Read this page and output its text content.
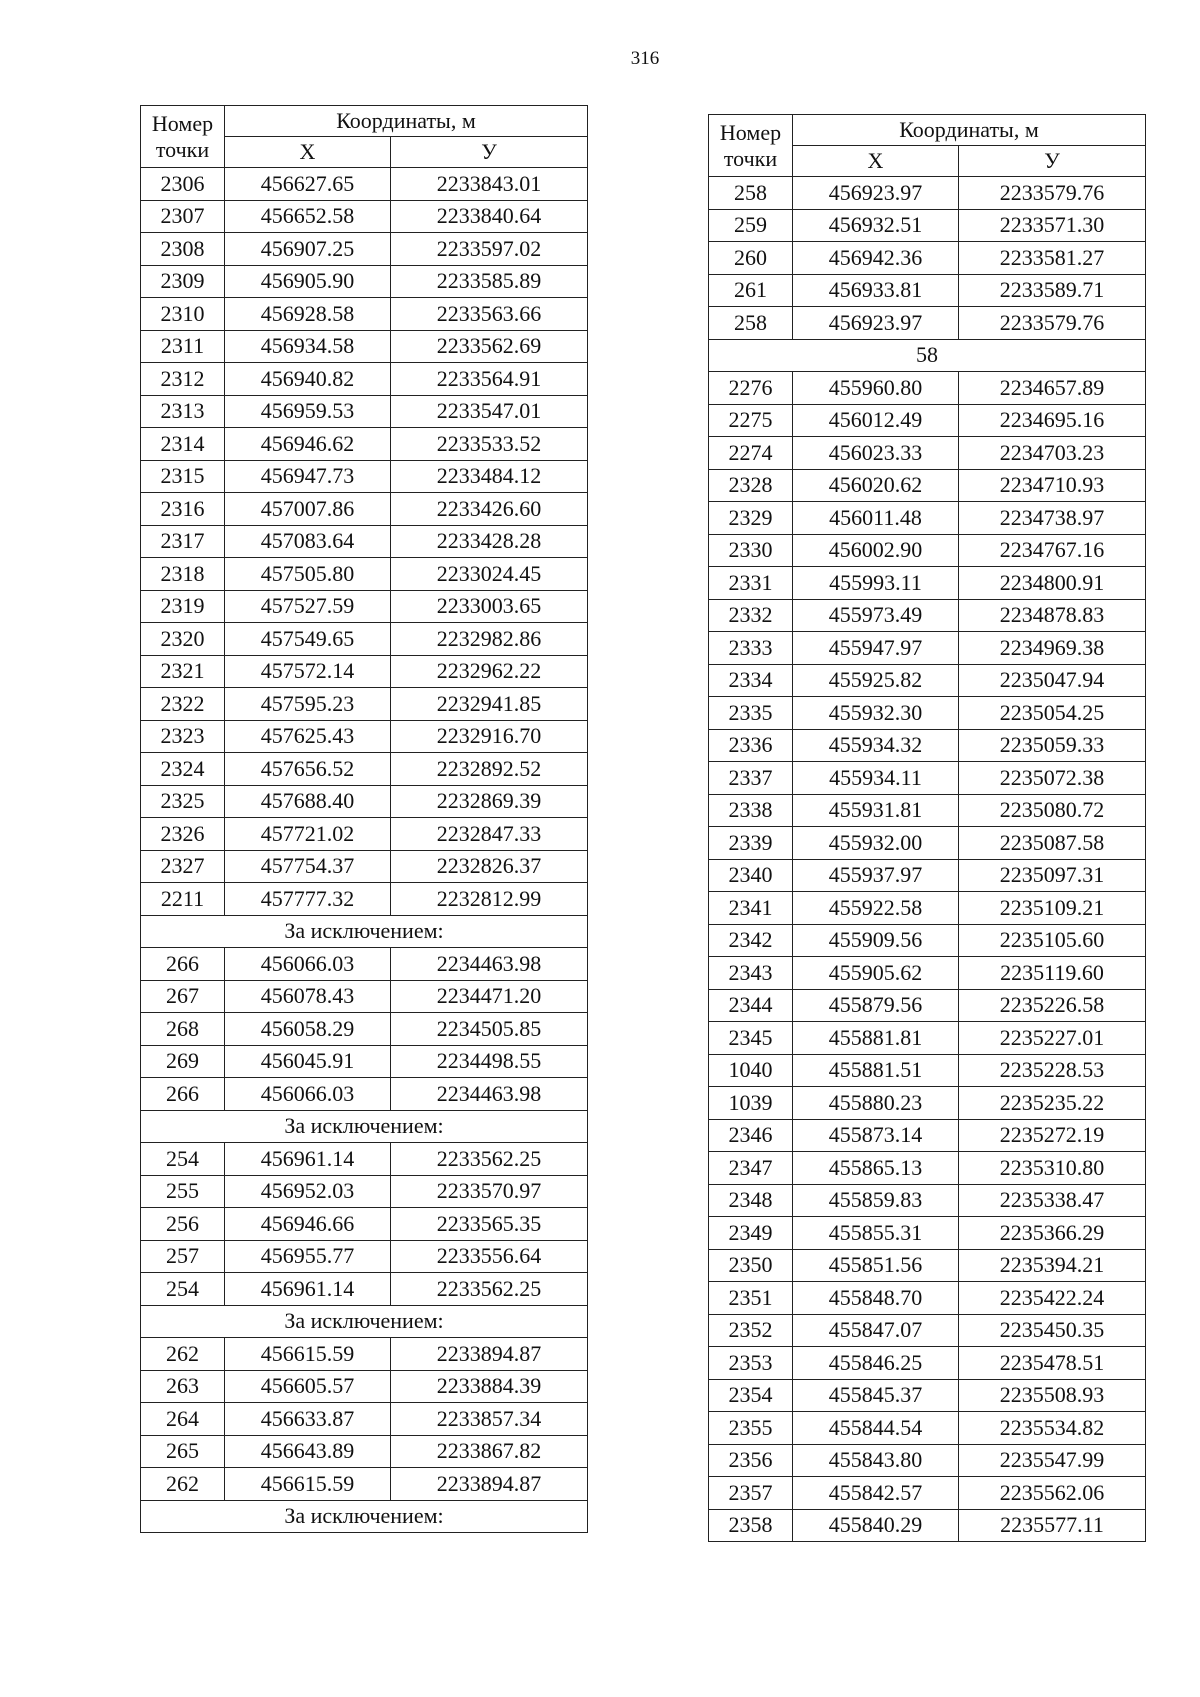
316
Номер точки	Координаты, м	
	X	У
2306	456627.65	2233843.01
2307	456652.58	2233840.64
2308	456907.25	2233597.02
2309	456905.90	2233585.89
2310	456928.58	2233563.66
2311	456934.58	2233562.69
2312	456940.82	2233564.91
2313	456959.53	2233547.01
2314	456946.62	2233533.52
2315	456947.73	2233484.12
2316	457007.86	2233426.60
2317	457083.64	2233428.28
2318	457505.80	2233024.45
2319	457527.59	2233003.65
2320	457549.65	2232982.86
2321	457572.14	2232962.22
2322	457595.23	2232941.85
2323	457625.43	2232916.70
2324	457656.52	2232892.52
2325	457688.40	2232869.39
2326	457721.02	2232847.33
2327	457754.37	2232826.37
2211	457777.32	2232812.99
За исключением:		
266	456066.03	2234463.98
267	456078.43	2234471.20
268	456058.29	2234505.85
269	456045.91	2234498.55
266	456066.03	2234463.98
За исключением:		
254	456961.14	2233562.25
255	456952.03	2233570.97
256	456946.66	2233565.35
257	456955.77	2233556.64
254	456961.14	2233562.25
За исключением:		
262	456615.59	2233894.87
263	456605.57	2233884.39
264	456633.87	2233857.34
265	456643.89	2233867.82
262	456615.59	2233894.87
За исключением:		
Номер точки	Координаты, м	
	X	У
258	456923.97	2233579.76
259	456932.51	2233571.30
260	456942.36	2233581.27
261	456933.81	2233589.71
258	456923.97	2233579.76
58		
2276	455960.80	2234657.89
2275	456012.49	2234695.16
2274	456023.33	2234703.23
2328	456020.62	2234710.93
2329	456011.48	2234738.97
2330	456002.90	2234767.16
2331	455993.11	2234800.91
2332	455973.49	2234878.83
2333	455947.97	2234969.38
2334	455925.82	2235047.94
2335	455932.30	2235054.25
2336	455934.32	2235059.33
2337	455934.11	2235072.38
2338	455931.81	2235080.72
2339	455932.00	2235087.58
2340	455937.97	2235097.31
2341	455922.58	2235109.21
2342	455909.56	2235105.60
2343	455905.62	2235119.60
2344	455879.56	2235226.58
2345	455881.81	2235227.01
1040	455881.51	2235228.53
1039	455880.23	2235235.22
2346	455873.14	2235272.19
2347	455865.13	2235310.80
2348	455859.83	2235338.47
2349	455855.31	2235366.29
2350	455851.56	2235394.21
2351	455848.70	2235422.24
2352	455847.07	2235450.35
2353	455846.25	2235478.51
2354	455845.37	2235508.93
2355	455844.54	2235534.82
2356	455843.80	2235547.99
2357	455842.57	2235562.06
2358	455840.29	2235577.11
